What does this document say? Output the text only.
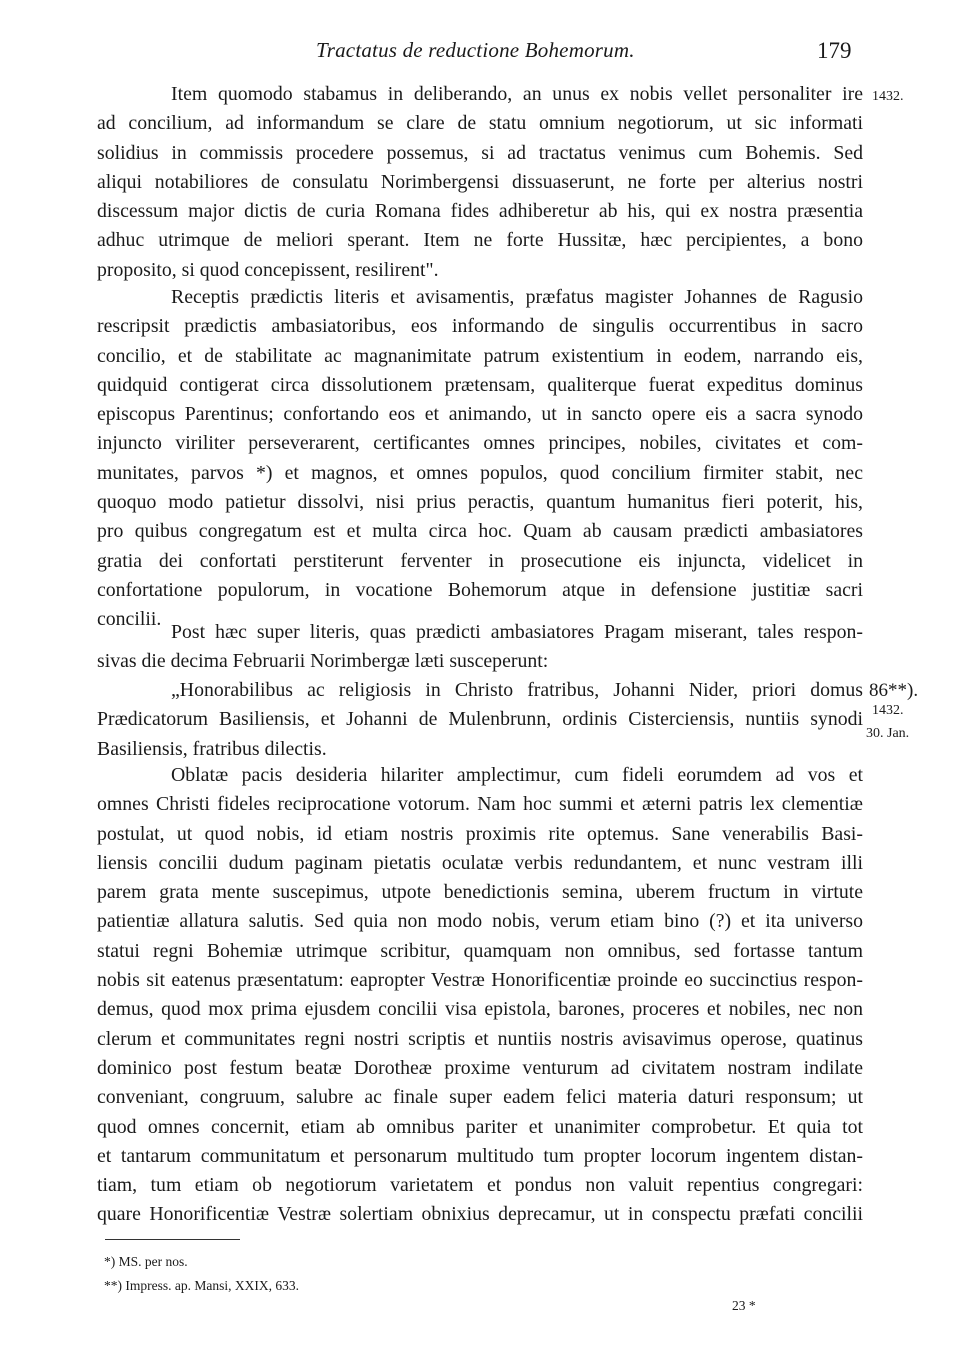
Tractatus de reductione Bohemorum.	179
1432.
86**).
1432.
30. Jan.
Item quomodo stabamus in deliberando, an unus ex nobis vellet personaliter ire
ad concilium, ad informandum se clare de statu omnium negotiorum, ut sic informati
solidius in commissis procedere possemus, si ad tractatus venimus cum Bohemis. Sed
aliqui notabiliores de consulatu Norimbergensi dissuaserunt, ne forte per alterius nostri
discessum major dictis de curia Romana fides adhiberetur ab his, qui ex nostra præsentia
adhuc utrimque de meliori sperant. Item ne forte Hussitæ, hæc percipientes, a bono
proposito, si quod concepissent, resilirent".
Receptis prædictis literis et avisamentis, præfatus magister Johannes de Ragusio
rescripsit prædictis ambasiatoribus, eos informando de singulis occurrentibus in sacro
concilio, et de stabilitate ac magnanimitate patrum existentium in eodem, narrando eis,
quidquid contigerat circa dissolutionem prætensam, qualiterque fuerat expeditus dominus
episcopus Parentinus; confortando eos et animando, ut in sancto opere eis a sacra synodo
injuncto viriliter perseverarent, certificantes omnes principes, nobiles, civitates et com-
munitates, parvos *) et magnos, et omnes populos, quod concilium firmiter stabit, nec
quoquo modo patietur dissolvi, nisi prius peractis, quantum humanitus fieri poterit, his,
pro quibus congregatum est et multa circa hoc. Quam ab causam prædicti ambasiatores
gratia dei confortati perstiterunt ferventer in prosecutione eis injuncta, videlicet in
confortatione populorum, in vocatione Bohemorum atque in defensione justitiæ sacri
concilii.
Post hæc super literis, quas prædicti ambasiatores Pragam miserant, tales respon-
sivas die decima Februarii Norimbergæ læti susceperunt:
„Honorabilibus ac religiosis in Christo fratribus, Johanni Nider, priori domus
Prædicatorum Basiliensis, et Johanni de Mulenbrunn, ordinis Cisterciensis, nuntiis synodi
Basiliensis, fratribus dilectis.
Oblatæ pacis desideria hilariter amplectimur, cum fideli eorumdem ad vos et
omnes Christi fideles reciprocatione votorum. Nam hoc summi et æterni patris lex clementiæ
postulat, ut quod nobis, id etiam nostris proximis rite optemus. Sane venerabilis Basi-
liensis concilii dudum paginam pietatis oculatæ verbis redundantem, et nunc vestram illi
parem grata mente suscepimus, utpote benedictionis semina, uberem fructum in virtute
patientiæ allatura salutis. Sed quia non modo nobis, verum etiam bino (?) et ita universo
statui regni Bohemiæ utrimque scribitur, quamquam non omnibus, sed fortasse tantum
nobis sit eatenus præsentatum: eapropter Vestræ Honorificentiæ proinde eo succinctius respon-
demus, quod mox prima ejusdem concilii visa epistola, barones, proceres et nobiles, nec non
clerum et communitates regni nostri scriptis et nuntiis nostris avisavimus operose, quatinus
dominico post festum beatæ Dorotheæ proxime venturum ad civitatem nostram indilate
conveniant, congruum, salubre ac finale super eadem felici materia daturi responsum; ut
quod omnes concernit, etiam ab omnibus pariter et unanimiter comprobetur. Et quia tot
et tantarum communitatum et personarum multitudo tum propter locorum ingentem distan-
tiam, tum etiam ob negotiorum varietatem et pondus non valuit repentius congregari:
quare Honorificentiæ Vestræ solertiam obnixius deprecamur, ut in conspectu præfati concilii
*) MS. per nos.
**) Impress. ap. Mansi, XXIX, 633.
23 *
